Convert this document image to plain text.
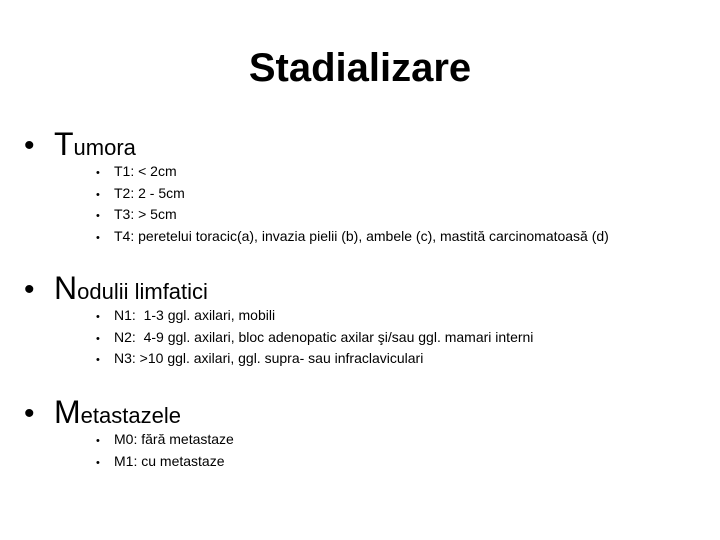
Stadializare
• Tumora
• T1: < 2cm
• T2: 2 - 5cm
• T3: > 5cm
• T4: peretelui toracic(a), invazia pielii (b), ambele (c), mastită carcinomatoasă (d)
• Nodulii limfatici
• N1:  1-3 ggl. axilari, mobili
• N2:  4-9 ggl. axilari, bloc adenopatic axilar şi/sau ggl. mamari interni
• N3: >10 ggl. axilari, ggl. supra- sau infraclaviculari
• Metastazele
• M0: fără metastaze
• M1: cu metastaze
